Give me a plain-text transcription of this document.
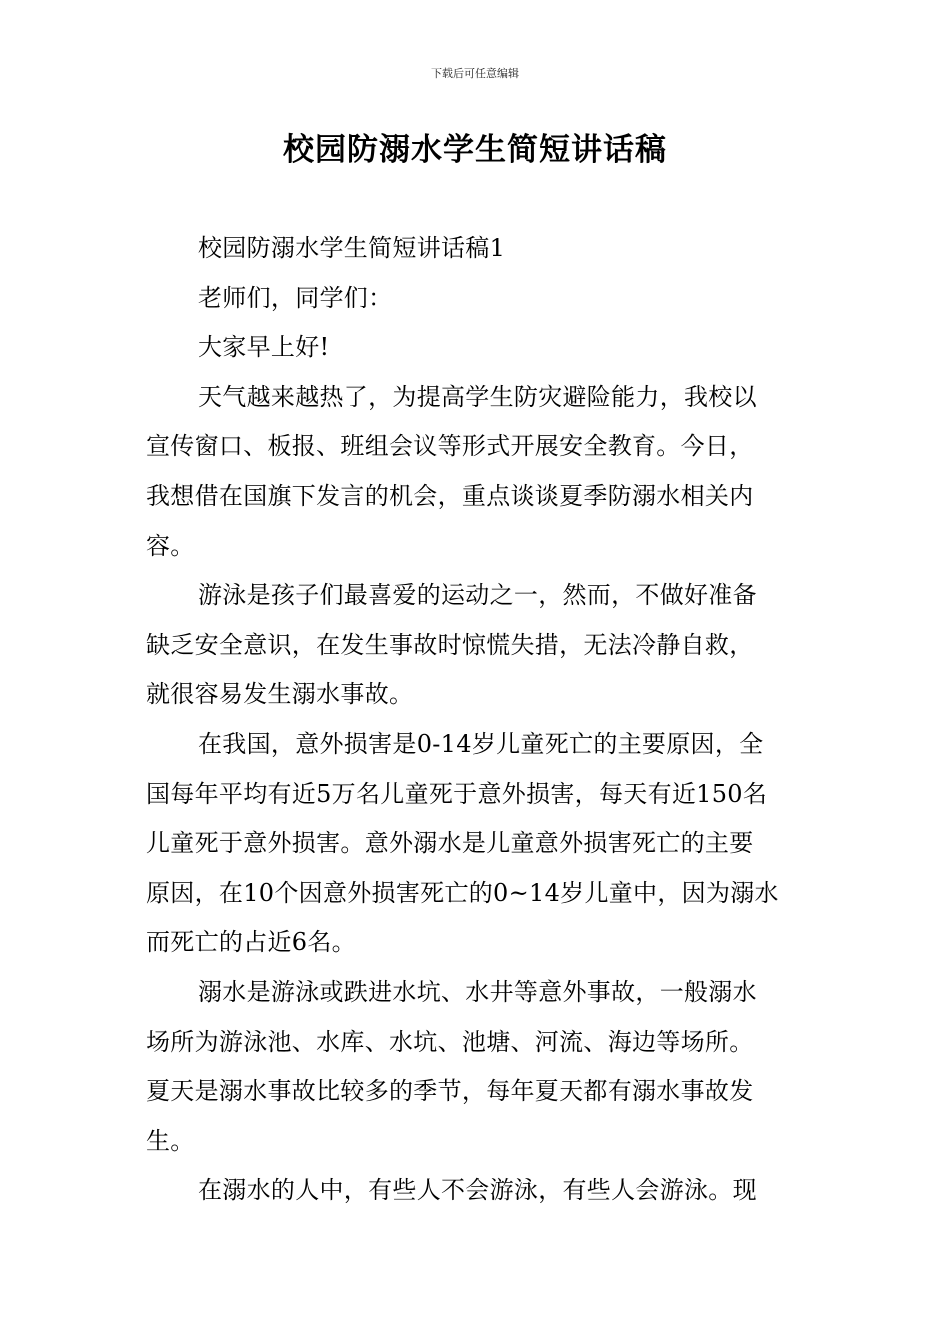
下载后可任意编辑
校园防溺水学生简短讲话稿

校园防溺水学生简短讲话稿1

老师们，同学们：

大家早上好!

天气越来越热了，为提高学生防灾避险能力，我校以
宣传窗口、板报、班组会议等形式开展安全教育。今日，
我想借在国旗下发言的机会，重点谈谈夏季防溺水相关内
容。

游泳是孩子们最喜爱的运动之一，然而，不做好准备
缺乏安全意识，在发生事故时惊慌失措，无法冷静自救，
就很容易发生溺水事故。

在我国，意外损害是0-14岁儿童死亡的主要原因，全
国每年平均有近5万名儿童死于意外损害，每天有近150名
儿童死于意外损害。意外溺水是儿童意外损害死亡的主要
原因，在10个因意外损害死亡的0~14岁儿童中，因为溺水
而死亡的占近6名。

溺水是游泳或跌进水坑、水井等意外事故，一般溺水
场所为游泳池、水库、水坑、池塘、河流、海边等场所。
夏天是溺水事故比较多的季节，每年夏天都有溺水事故发
生。

在溺水的人中，有些人不会游泳，有些人会游泳。现
